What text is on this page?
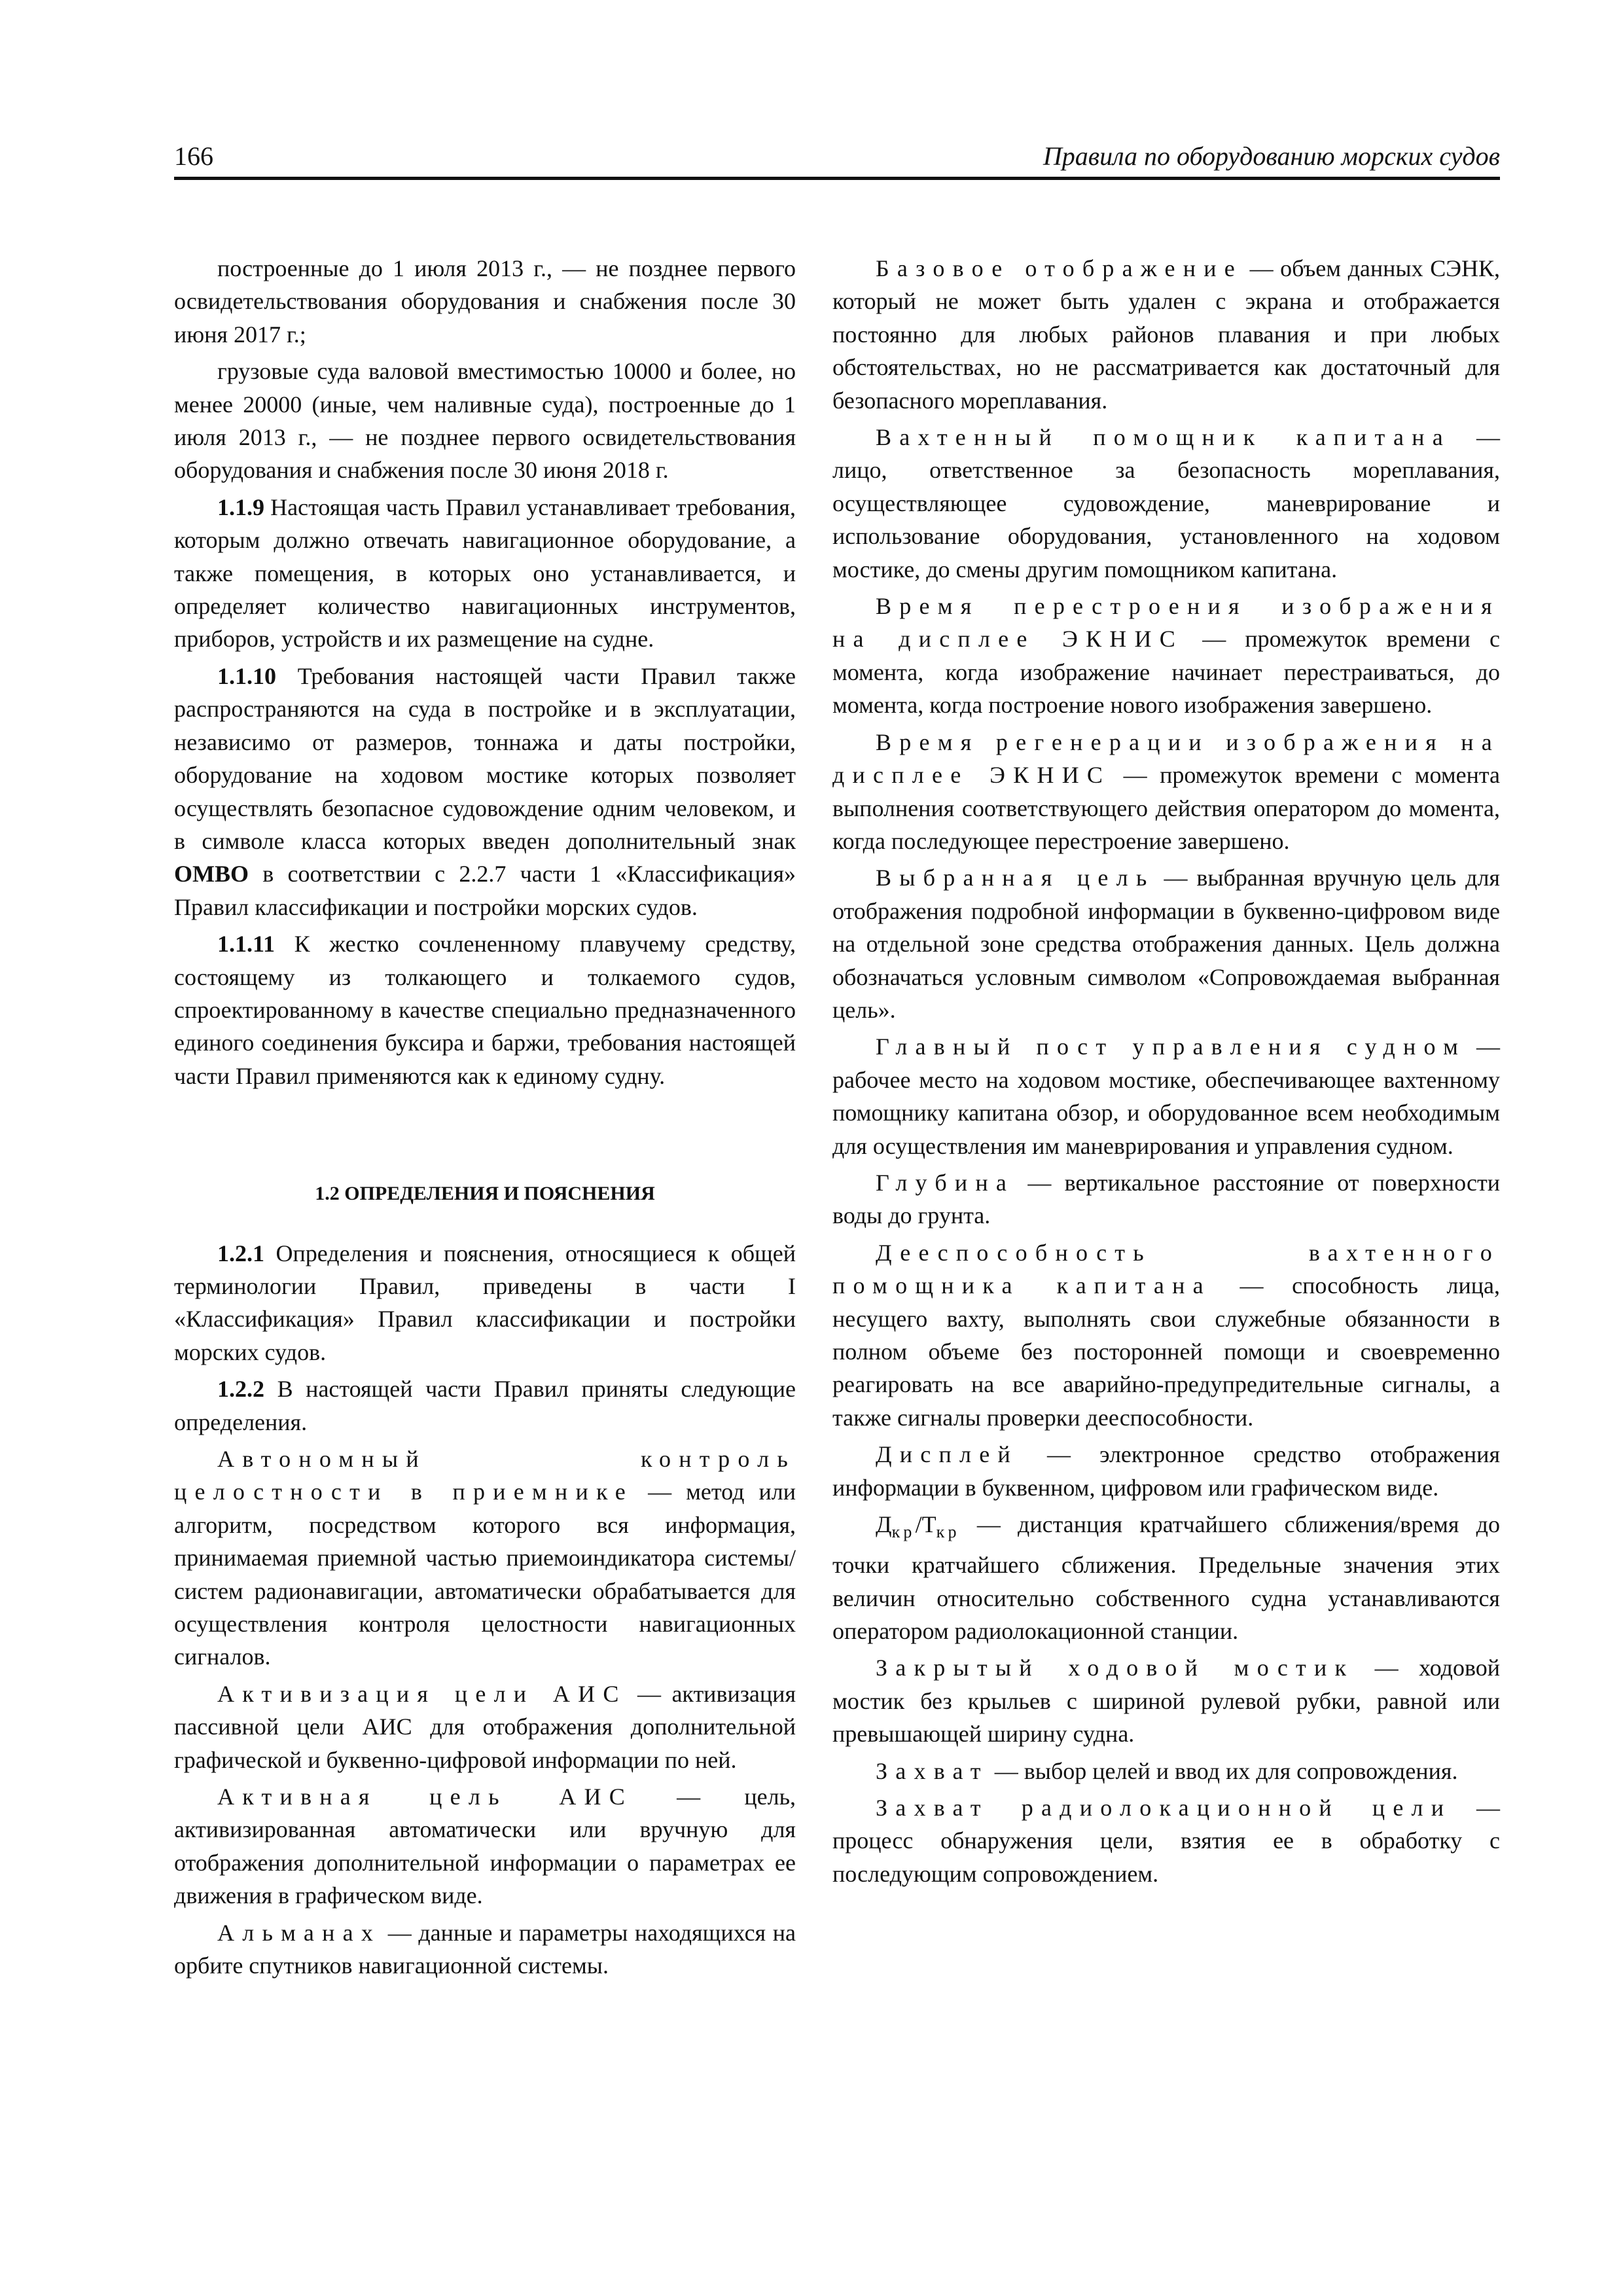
166	Правила по оборудованию морских судов

построенные до 1 июля 2013 г., — не позднее первого освидетельствования оборудования и снабжения после 30 июня 2017 г.;

грузовые суда валовой вместимостью 10000 и более, но менее 20000 (иные, чем наливные суда), построенные до 1 июля 2013 г., — не позднее первого освидетельствования оборудования и снабжения после 30 июня 2018 г.

1.1.9 Настоящая часть Правил устанавливает требования, которым должно отвечать навигационное оборудование, а также помещения, в которых оно устанавливается, и определяет количество навигационных инструментов, приборов, устройств и их размещение на судне.

1.1.10 Требования настоящей части Правил также распространяются на суда в постройке и в эксплуатации, независимо от размеров, тоннажа и даты постройки, оборудование на ходовом мостике которых позволяет осуществлять безопасное судовождение одним человеком, и в символе класса которых введен дополнительный знак OMBO в соответствии с 2.2.7 части 1 «Классификация» Правил классификации и постройки морских судов.

1.1.11 К жестко сочлененному плавучему средству, состоящему из толкающего и толкаемого судов, спроектированному в качестве специально предназначенного единого соединения буксира и баржи, требования настоящей части Правил применяются как к единому судну.

1.2 ОПРЕДЕЛЕНИЯ И ПОЯСНЕНИЯ

1.2.1 Определения и пояснения, относящиеся к общей терминологии Правил, приведены в части I «Классификация» Правил классификации и постройки морских судов.

1.2.2 В настоящей части Правил приняты следующие определения.

Автономный контроль целостности в приемнике — метод или алгоритм, посредством которого вся информация, принимаемая приемной частью приемоиндикатора системы/систем радионавигации, автоматически обрабатывается для осуществления контроля целостности навигационных сигналов.

Активизация цели АИС — активизация пассивной цели АИС для отображения дополнительной графической и буквенно-цифровой информации по ней.

Активная цель АИС — цель, активизированная автоматически или вручную для отображения дополнительной информации о параметрах ее движения в графическом виде.

Альманах — данные и параметры находящихся на орбите спутников навигационной системы.

Базовое отображение — объем данных СЭНК, который не может быть удален с экрана и отображается постоянно для любых районов плавания и при любых обстоятельствах, но не рассматривается как достаточный для безопасного мореплавания.

Вахтенный помощник капитана — лицо, ответственное за безопасность мореплавания, осуществляющее судовождение, маневрирование и использование оборудования, установленного на ходовом мостике, до смены другим помощником капитана.

Время перестроения изображения на дисплее ЭКНИС — промежуток времени с момента, когда изображение начинает перестраиваться, до момента, когда построение нового изображения завершено.

Время регенерации изображения на дисплее ЭКНИС — промежуток времени с момента выполнения соответствующего действия оператором до момента, когда последующее перестроение завершено.

Выбранная цель — выбранная вручную цель для отображения подробной информации в буквенно-цифровом виде на отдельной зоне средства отображения данных. Цель должна обозначаться условным символом «Сопровождаемая выбранная цель».

Главный пост управления судном — рабочее место на ходовом мостике, обеспечивающее вахтенному помощнику капитана обзор, и оборудованное всем необходимым для осуществления им маневрирования и управления судном.

Глубина — вертикальное расстояние от поверхности воды до грунта.

Дееспособность вахтенного помощника капитана — способность лица, несущего вахту, выполнять свои служебные обязанности в полном объеме без посторонней помощи и своевременно реагировать на все аварийно-предупредительные сигналы, а также сигналы проверки дееспособности.

Дисплей — электронное средство отображения информации в буквенном, цифровом или графическом виде.

$Д_{кр}/Т_{кр}$ — дистанция кратчайшего сближения/время до точки кратчайшего сближения. Предельные значения этих величин относительно собственного судна устанавливаются оператором радиолокационной станции.

Закрытый ходовой мостик — ходовой мостик без крыльев с шириной рулевой рубки, равной или превышающей ширину судна.

Захват — выбор целей и ввод их для сопровождения.

Захват радиолокационной цели — процесс обнаружения цели, взятия ее в обработку с последующим сопровождением.
